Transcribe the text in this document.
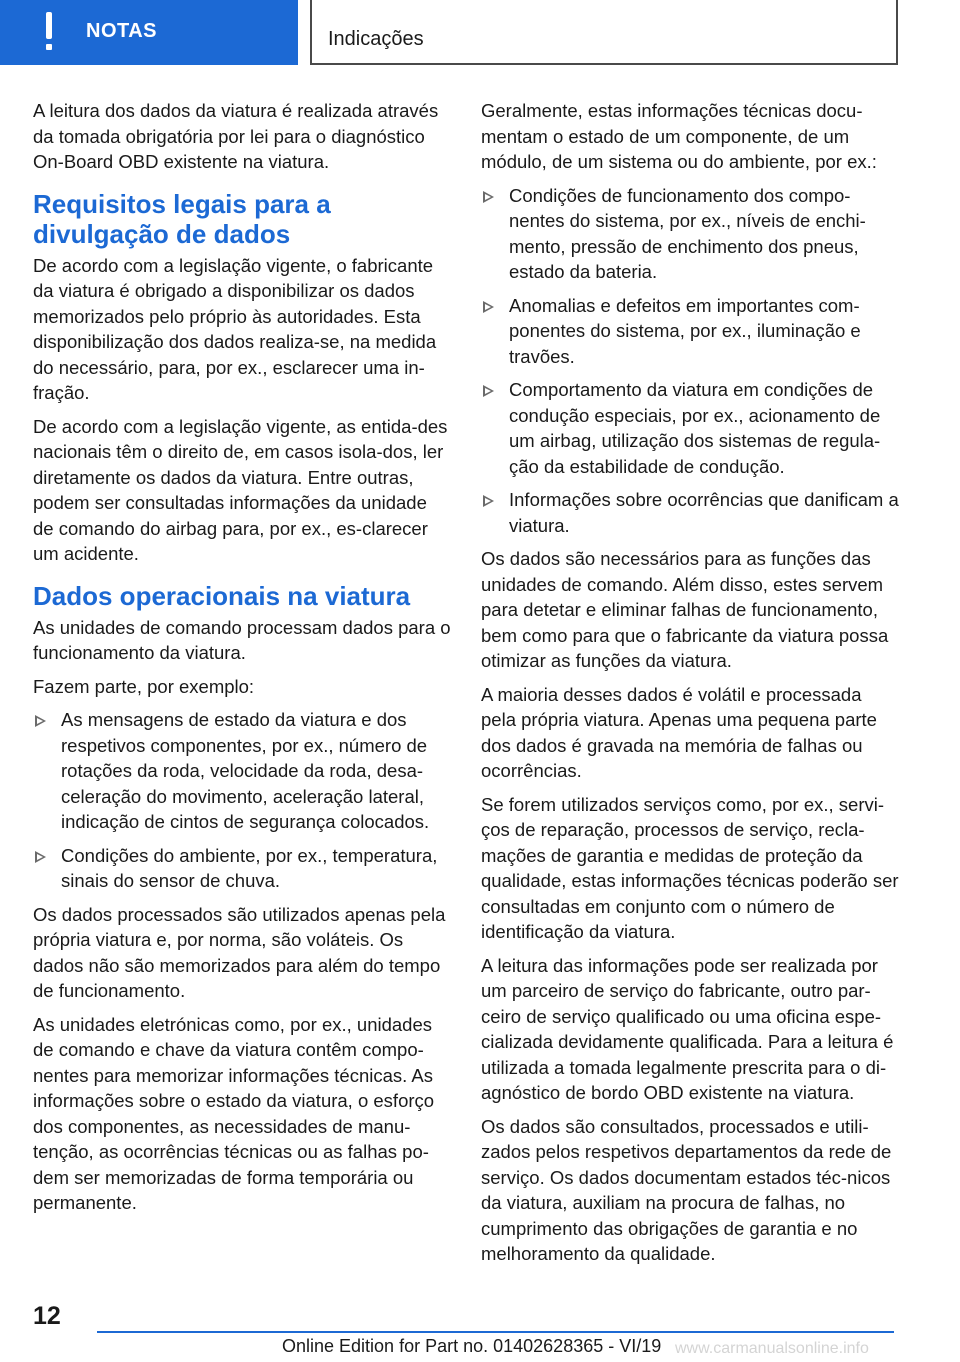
NOTAS	Indicações

A leitura dos dados da viatura é realizada através da tomada obrigatória por lei para o diagnóstico On-Board OBD existente na viatura.

Requisitos legais para a divulgação de dados

De acordo com a legislação vigente, o fabricante da viatura é obrigado a disponibilizar os dados memorizados pelo próprio às autoridades. Esta disponibilização dos dados realiza-se, na medida do necessário, para, por ex., esclarecer uma in‐fração.

De acordo com a legislação vigente, as entida‐des nacionais têm o direito de, em casos isola‐dos, ler diretamente os dados da viatura. Entre outras, podem ser consultadas informações da unidade de comando do airbag para, por ex., es‐clarecer um acidente.

Dados operacionais na viatura

As unidades de comando processam dados para o funcionamento da viatura.

Fazem parte, por exemplo:

As mensagens de estado da viatura e dos respetivos componentes, por ex., número de rotações da roda, velocidade da roda, desa‐celeração do movimento, aceleração lateral, indicação de cintos de segurança colocados.
Condições do ambiente, por ex., temperatura, sinais do sensor de chuva.

Os dados processados são utilizados apenas pela própria viatura e, por norma, são voláteis. Os dados não são memorizados para além do tempo de funcionamento.

As unidades eletrónicas como, por ex., unidades de comando e chave da viatura contêm compo‐nentes para memorizar informações técnicas. As informações sobre o estado da viatura, o esforço dos componentes, as necessidades de manu‐tenção, as ocorrências técnicas ou as falhas po‐dem ser memorizadas de forma temporária ou permanente.

Geralmente, estas informações técnicas docu‐mentam o estado de um componente, de um módulo, de um sistema ou do ambiente, por ex.:

Condições de funcionamento dos compo‐nentes do sistema, por ex., níveis de enchi‐mento, pressão de enchimento dos pneus, estado da bateria.
Anomalias e defeitos em importantes com‐ponentes do sistema, por ex., iluminação e travões.
Comportamento da viatura em condições de condução especiais, por ex., acionamento de um airbag, utilização dos sistemas de regula‐ção da estabilidade de condução.
Informações sobre ocorrências que danificam a viatura.

Os dados são necessários para as funções das unidades de comando. Além disso, estes servem para detetar e eliminar falhas de funcionamento, bem como para que o fabricante da viatura possa otimizar as funções da viatura.

A maioria desses dados é volátil e processada pela própria viatura. Apenas uma pequena parte dos dados é gravada na memória de falhas ou ocorrências.

Se forem utilizados serviços como, por ex., servi‐ços de reparação, processos de serviço, recla‐mações de garantia e medidas de proteção da qualidade, estas informações técnicas poderão ser consultadas em conjunto com o número de identificação da viatura.

A leitura das informações pode ser realizada por um parceiro de serviço do fabricante, outro par‐ceiro de serviço qualificado ou uma oficina espe‐cializada devidamente qualificada. Para a leitura é utilizada a tomada legalmente prescrita para o di‐agnóstico de bordo OBD existente na viatura.

Os dados são consultados, processados e utili‐zados pelos respetivos departamentos da rede de serviço. Os dados documentam estados téc‐nicos da viatura, auxiliam na procura de falhas, no cumprimento das obrigações de garantia e no melhoramento da qualidade.

12
Online Edition for Part no. 01402628365 - VI/19 www.carmanualsonline.info
